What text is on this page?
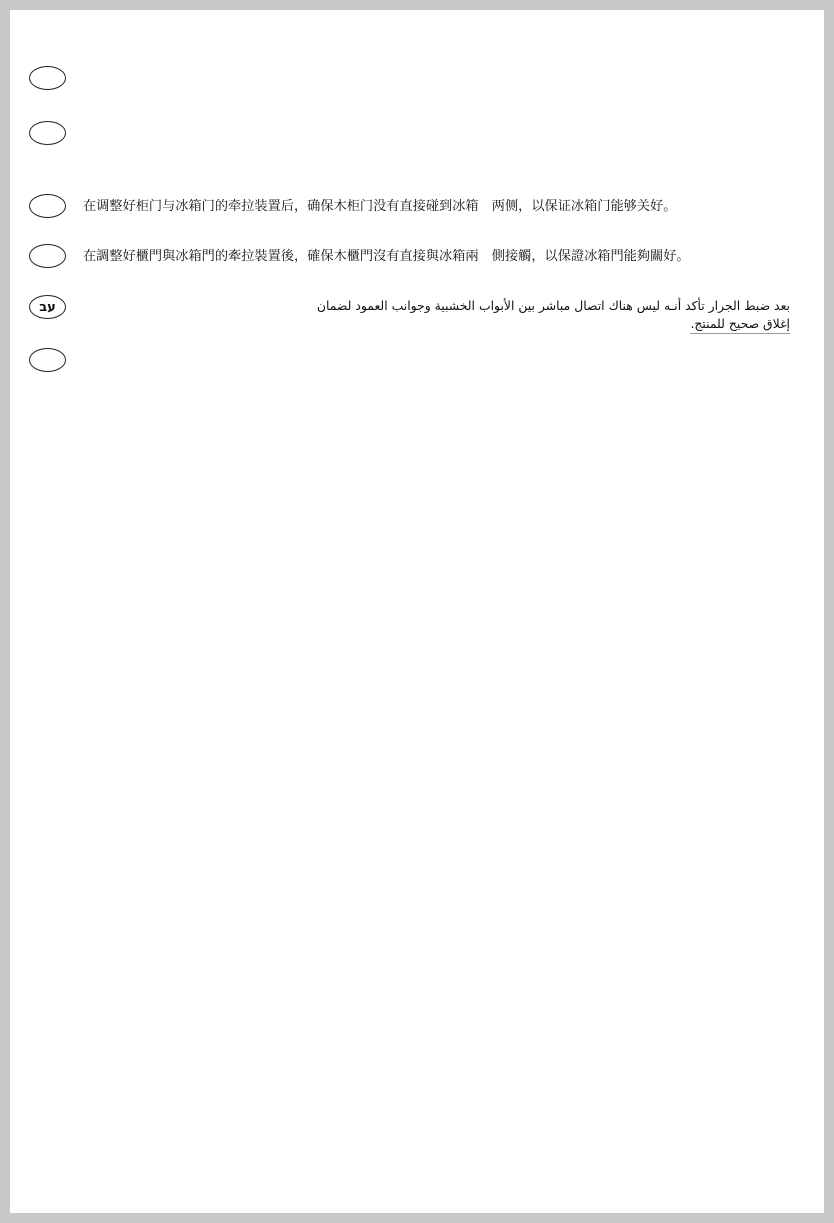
עב
在调整好柜门与冰箱门的牵拉装置后，确保木柜门没有直接碰到冰箱　两侧，以保证冰箱门能够关好。
在調整好櫃門與冰箱門的牽拉裝置後，確保木櫃門沒有直接與冰箱兩　側接觸，以保證冰箱門能夠關好。
بعد ضبط الجرار تأكد أنـه ليس هناك اتصال مباشر بين الأبواب الخشبية وجوانب العمود لضمان
إغلاق صحيح للمنتج.
